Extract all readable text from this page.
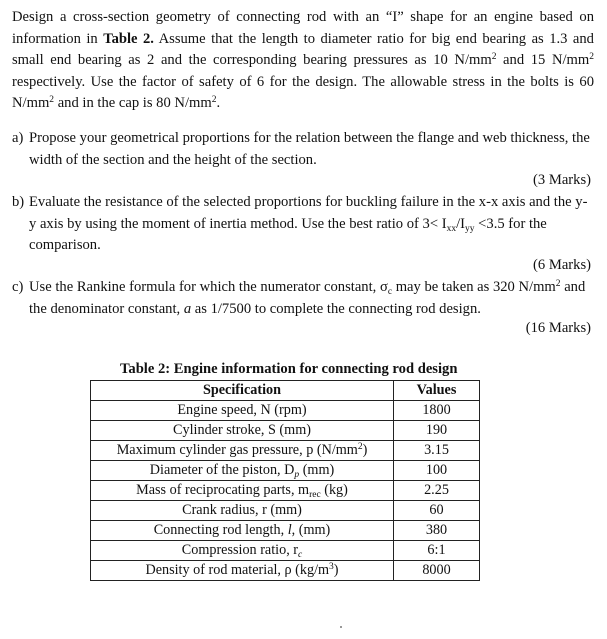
Design a cross-section geometry of connecting rod with an “I” shape for an engine based on information in Table 2. Assume that the length to diameter ratio for big end bearing as 1.3 and small end bearing as 2 and the corresponding bearing pressures as 10 $N/mm^2$ and 15 $N/mm^2$ respectively. Use the factor of safety of 6 for the design. The allowable stress in the bolts is 60 $N/mm^2$ and in the cap is 80 $N/mm^2$.
a) Propose your geometrical proportions for the relation between the flange and web thickness, the width of the section and the height of the section.
(3 Marks)
b) Evaluate the resistance of the selected proportions for buckling failure in the x-x axis and the y-y axis by using the moment of inertia method. Use the best ratio of $3< I_{xx}/I_{yy} <3.5$ for the comparison.
(6 Marks)
c) Use the Rankine formula for which the numerator constant, $\sigma_c$ may be taken as 320 $N/mm^2$ and the denominator constant, a as 1/7500 to complete the connecting rod design.
(16 Marks)
Table 2: Engine information for connecting rod design
Specification	Values
Engine speed, N (rpm)	1800
Cylinder stroke, S (mm)	190
Maximum cylinder gas pressure, p $(N/mm^2)$	3.15
Diameter of the piston, $D_p$ (mm)	100
Mass of reciprocating parts, $m_{rec}$ (kg)	2.25
Crank radius, r (mm)	60
Connecting rod length, l, (mm)	380
Compression ratio, $r_c$	6:1
Density of rod material, ρ $(kg/m^3)$	8000
